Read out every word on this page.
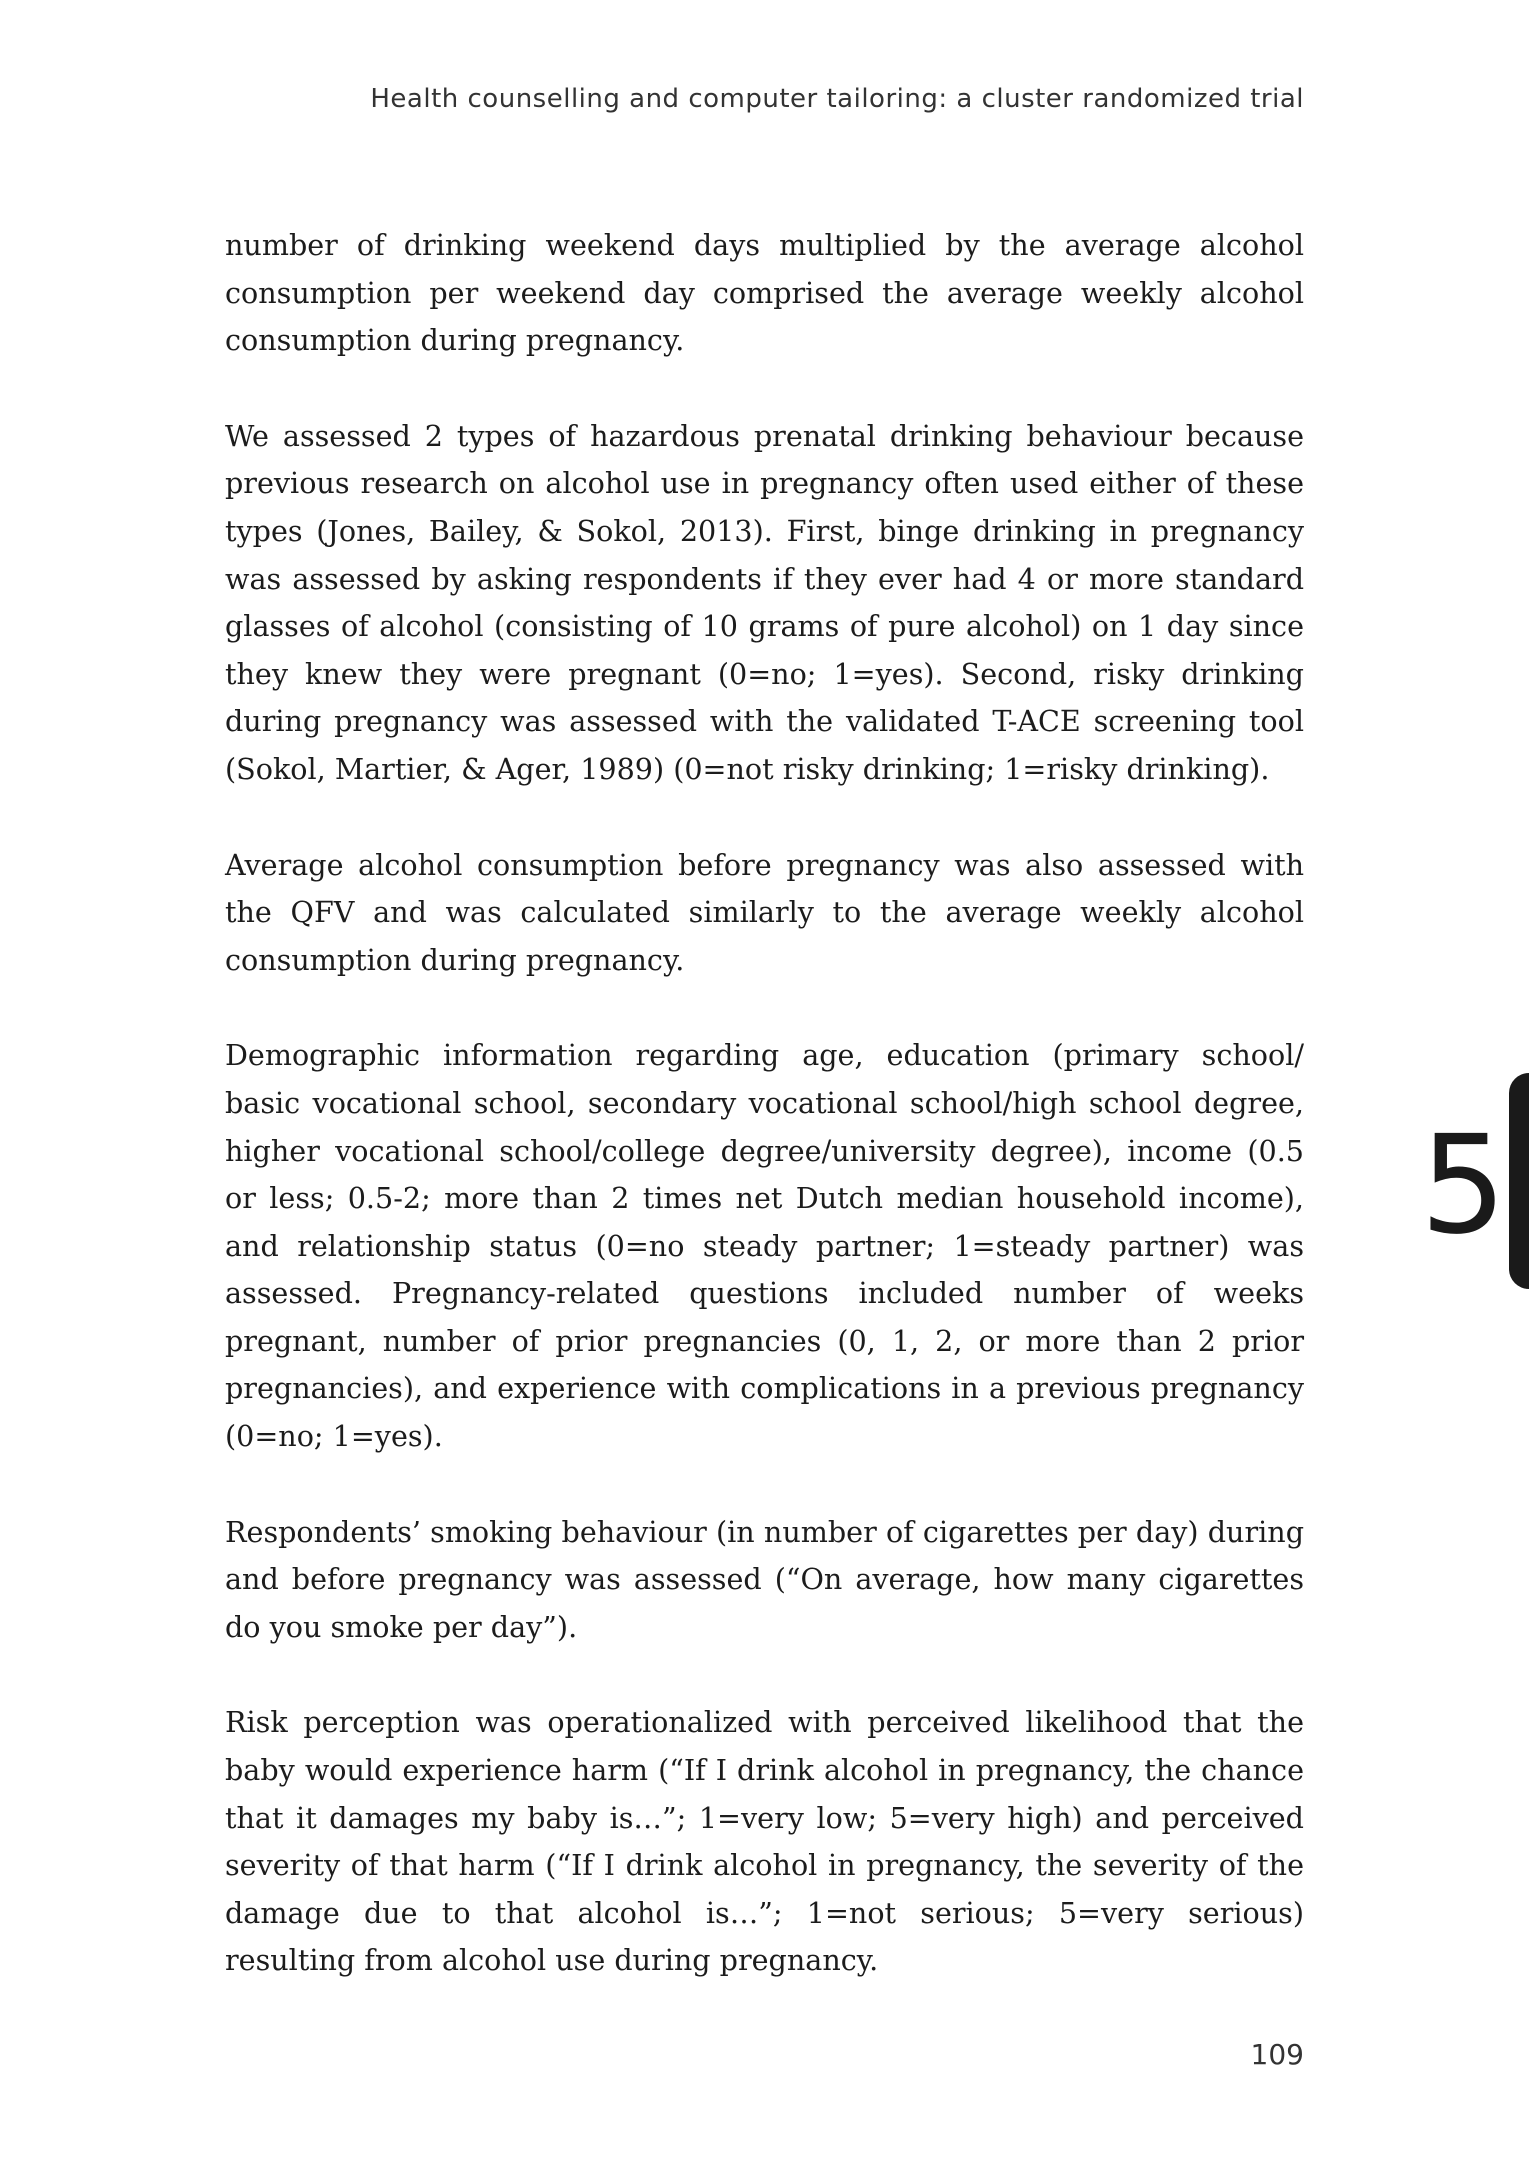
Health counselling and computer tailoring: a cluster randomized trial

number of drinking weekend days multiplied by the average alcohol consumption per weekend day comprised the average weekly alcohol consumption during pregnancy.

We assessed 2 types of hazardous prenatal drinking behaviour because previous research on alcohol use in pregnancy often used either of these types (Jones, Bailey, & Sokol, 2013). First, binge drinking in pregnancy was assessed by asking respondents if they ever had 4 or more standard glasses of alcohol (consisting of 10 grams of pure alcohol) on 1 day since they knew they were pregnant (0=no; 1=yes). Second, risky drinking during pregnancy was assessed with the validated T-ACE screening tool (Sokol, Martier, & Ager, 1989) (0=not risky drinking; 1=risky drinking).

Average alcohol consumption before pregnancy was also assessed with the QFV and was calculated similarly to the average weekly alcohol consumption during pregnancy.

Demographic information regarding age, education (primary school/ basic vocational school, secondary vocational school/high school degree, higher vocational school/college degree/university degree), income (0.5 or less; 0.5-2; more than 2 times net Dutch median household income), and relationship status (0=no steady partner; 1=steady partner) was assessed. Pregnancy-related questions included number of weeks pregnant, number of prior pregnancies (0, 1, 2, or more than 2 prior pregnancies), and experience with complications in a previous pregnancy (0=no; 1=yes).

Respondents’ smoking behaviour (in number of cigarettes per day) during and before pregnancy was assessed (“On average, how many cigarettes do you smoke per day”).

Risk perception was operationalized with perceived likelihood that the baby would experience harm (“If I drink alcohol in pregnancy, the chance that it damages my baby is…”; 1=very low; 5=very high) and perceived severity of that harm (“If I drink alcohol in pregnancy, the severity of the damage due to that alcohol is…”; 1=not serious; 5=very serious) resulting from alcohol use during pregnancy.

5
109
